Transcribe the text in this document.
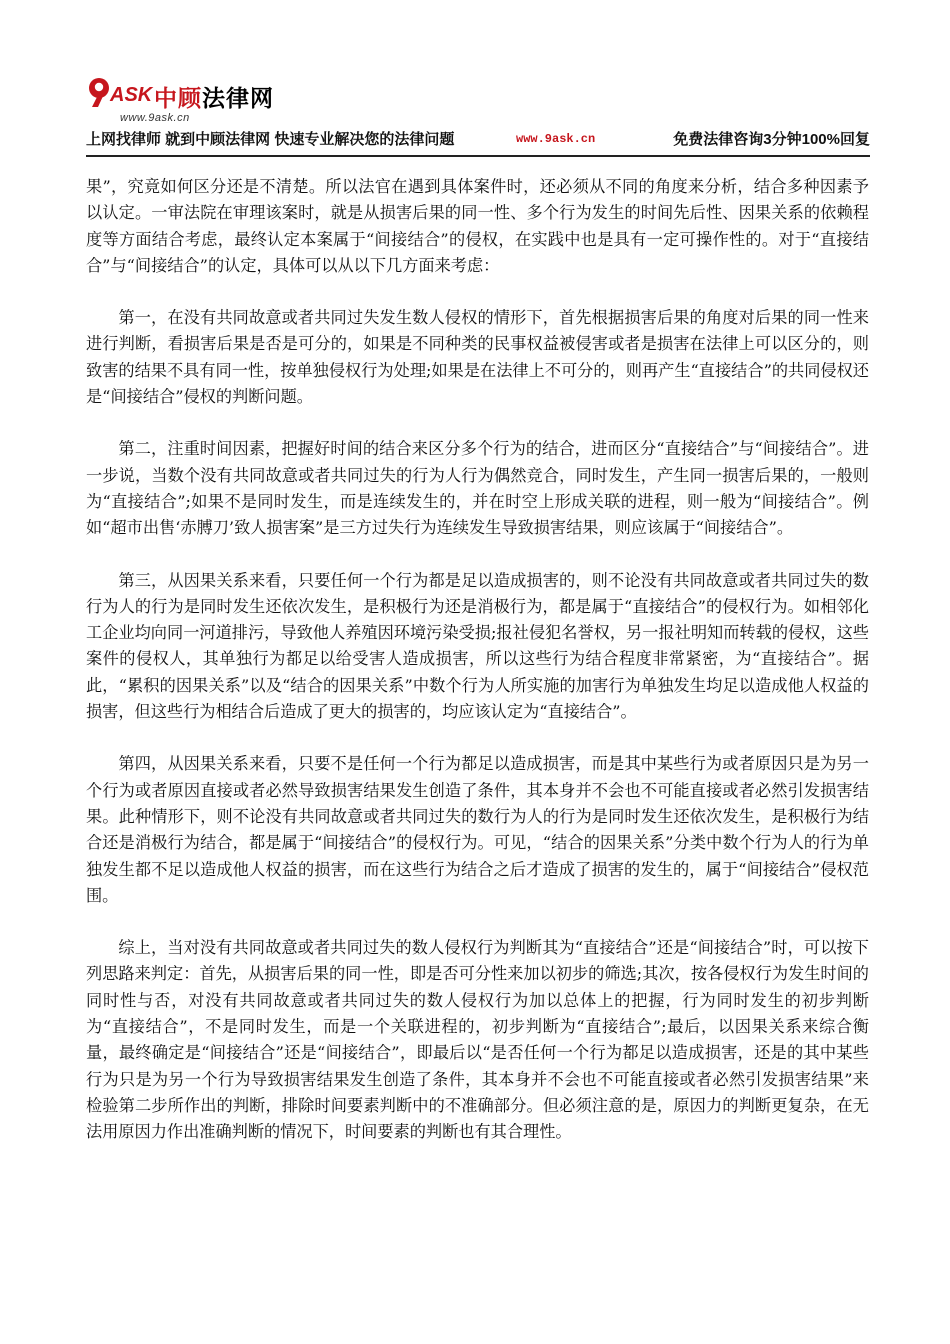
ASK 中顾法律网
www.9ask.cn
上网找律师 就到中顾法律网 快速专业解决您的法律问题	www.9ask.cn	免费法律咨询3分钟100%回复

果”，究竟如何区分还是不清楚。所以法官在遇到具体案件时，还必须从不同的角度来分析，结合多种因素予以认定。一审法院在审理该案时，就是从损害后果的同一性、多个行为发生的时间先后性、因果关系的依赖程度等方面结合考虑，最终认定本案属于“间接结合”的侵权，在实践中也是具有一定可操作性的。对于“直接结合”与“间接结合”的认定，具体可以从以下几方面来考虑：

第一，在没有共同故意或者共同过失发生数人侵权的情形下，首先根据损害后果的角度对后果的同一性来进行判断，看损害后果是否是可分的，如果是不同种类的民事权益被侵害或者是损害在法律上可以区分的，则致害的结果不具有同一性，按单独侵权行为处理;如果是在法律上不可分的，则再产生“直接结合”的共同侵权还是“间接结合”侵权的判断问题。

第二，注重时间因素，把握好时间的结合来区分多个行为的结合，进而区分“直接结合”与“间接结合”。进一步说，当数个没有共同故意或者共同过失的行为人行为偶然竞合，同时发生，产生同一损害后果的，一般则为“直接结合”;如果不是同时发生，而是连续发生的，并在时空上形成关联的进程，则一般为“间接结合”。例如“超市出售‘赤膊刀’致人损害案”是三方过失行为连续发生导致损害结果，则应该属于“间接结合”。

第三，从因果关系来看，只要任何一个行为都是足以造成损害的，则不论没有共同故意或者共同过失的数行为人的行为是同时发生还依次发生，是积极行为还是消极行为，都是属于“直接结合”的侵权行为。如相邻化工企业均向同一河道排污，导致他人养殖因环境污染受损;报社侵犯名誉权，另一报社明知而转载的侵权，这些案件的侵权人，其单独行为都足以给受害人造成损害，所以这些行为结合程度非常紧密，为“直接结合”。据此，“累积的因果关系”以及“结合的因果关系”中数个行为人所实施的加害行为单独发生均足以造成他人权益的损害，但这些行为相结合后造成了更大的损害的，均应该认定为“直接结合”。

第四，从因果关系来看，只要不是任何一个行为都足以造成损害，而是其中某些行为或者原因只是为另一个行为或者原因直接或者必然导致损害结果发生创造了条件，其本身并不会也不可能直接或者必然引发损害结果。此种情形下，则不论没有共同故意或者共同过失的数行为人的行为是同时发生还依次发生，是积极行为结合还是消极行为结合，都是属于“间接结合”的侵权行为。可见，“结合的因果关系”分类中数个行为人的行为单独发生都不足以造成他人权益的损害，而在这些行为结合之后才造成了损害的发生的，属于“间接结合”侵权范围。

综上，当对没有共同故意或者共同过失的数人侵权行为判断其为“直接结合”还是“间接结合”时，可以按下列思路来判定：首先，从损害后果的同一性，即是否可分性来加以初步的筛选;其次，按各侵权行为发生时间的同时性与否，对没有共同故意或者共同过失的数人侵权行为加以总体上的把握，行为同时发生的初步判断为“直接结合”，不是同时发生，而是一个关联进程的，初步判断为“直接结合”;最后，以因果关系来综合衡量，最终确定是“间接结合”还是“间接结合”，即最后以“是否任何一个行为都足以造成损害，还是的其中某些行为只是为另一个行为导致损害结果发生创造了条件，其本身并不会也不可能直接或者必然引发损害结果”来检验第二步所作出的判断，排除时间要素判断中的不准确部分。但必须注意的是，原因力的判断更复杂，在无法用原因力作出准确判断的情况下，时间要素的判断也有其合理性。
